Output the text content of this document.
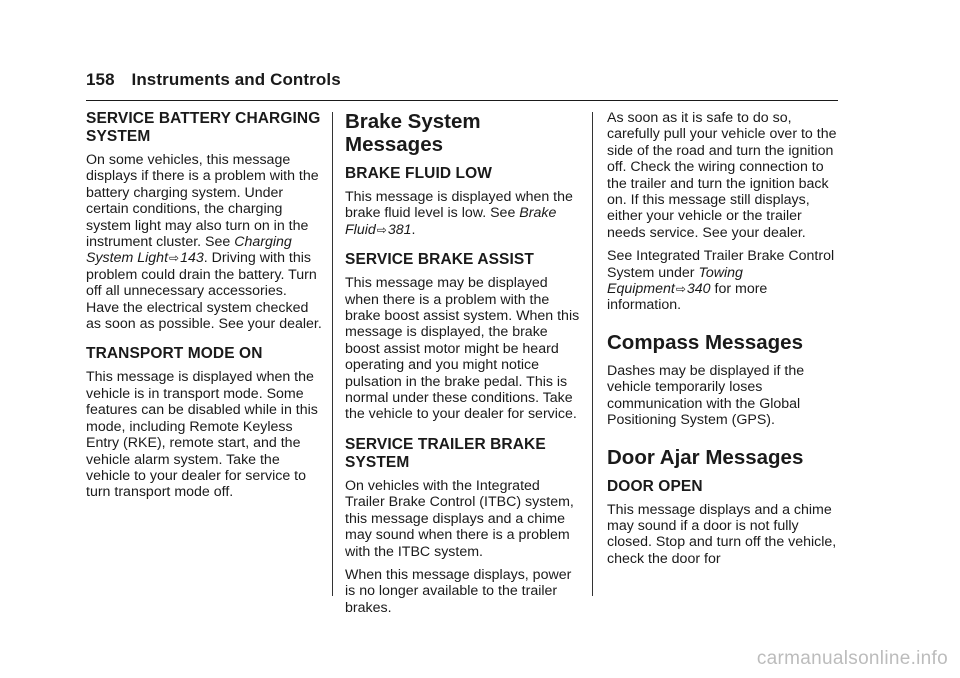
158 Instruments and Controls
SERVICE BATTERY CHARGING SYSTEM

On some vehicles, this message displays if there is a problem with the battery charging system. Under certain conditions, the charging system light may also turn on in the instrument cluster. See Charging System Light⇨143. Driving with this problem could drain the battery. Turn off all unnecessary accessories. Have the electrical system checked as soon as possible. See your dealer.

TRANSPORT MODE ON

This message is displayed when the vehicle is in transport mode. Some features can be disabled while in this mode, including Remote Keyless Entry (RKE), remote start, and the vehicle alarm system. Take the vehicle to your dealer for service to turn transport mode off.

Brake System Messages
BRAKE FLUID LOW

This message is displayed when the brake fluid level is low. See Brake Fluid⇨381.

SERVICE BRAKE ASSIST

This message may be displayed when there is a problem with the brake boost assist system. When this message is displayed, the brake boost assist motor might be heard operating and you might notice pulsation in the brake pedal. This is normal under these conditions. Take the vehicle to your dealer for service.

SERVICE TRAILER BRAKE SYSTEM

On vehicles with the Integrated Trailer Brake Control (ITBC) system, this message displays and a chime may sound when there is a problem with the ITBC system.

When this message displays, power is no longer available to the trailer brakes.

As soon as it is safe to do so, carefully pull your vehicle over to the side of the road and turn the ignition off. Check the wiring connection to the trailer and turn the ignition back on. If this message still displays, either your vehicle or the trailer needs service. See your dealer.

See Integrated Trailer Brake Control System under Towing Equipment⇨340 for more information.

Compass Messages

Dashes may be displayed if the vehicle temporarily loses communication with the Global Positioning System (GPS).

Door Ajar Messages
DOOR OPEN

This message displays and a chime may sound if a door is not fully closed. Stop and turn off the vehicle, check the door for

carmanualsonline.info
